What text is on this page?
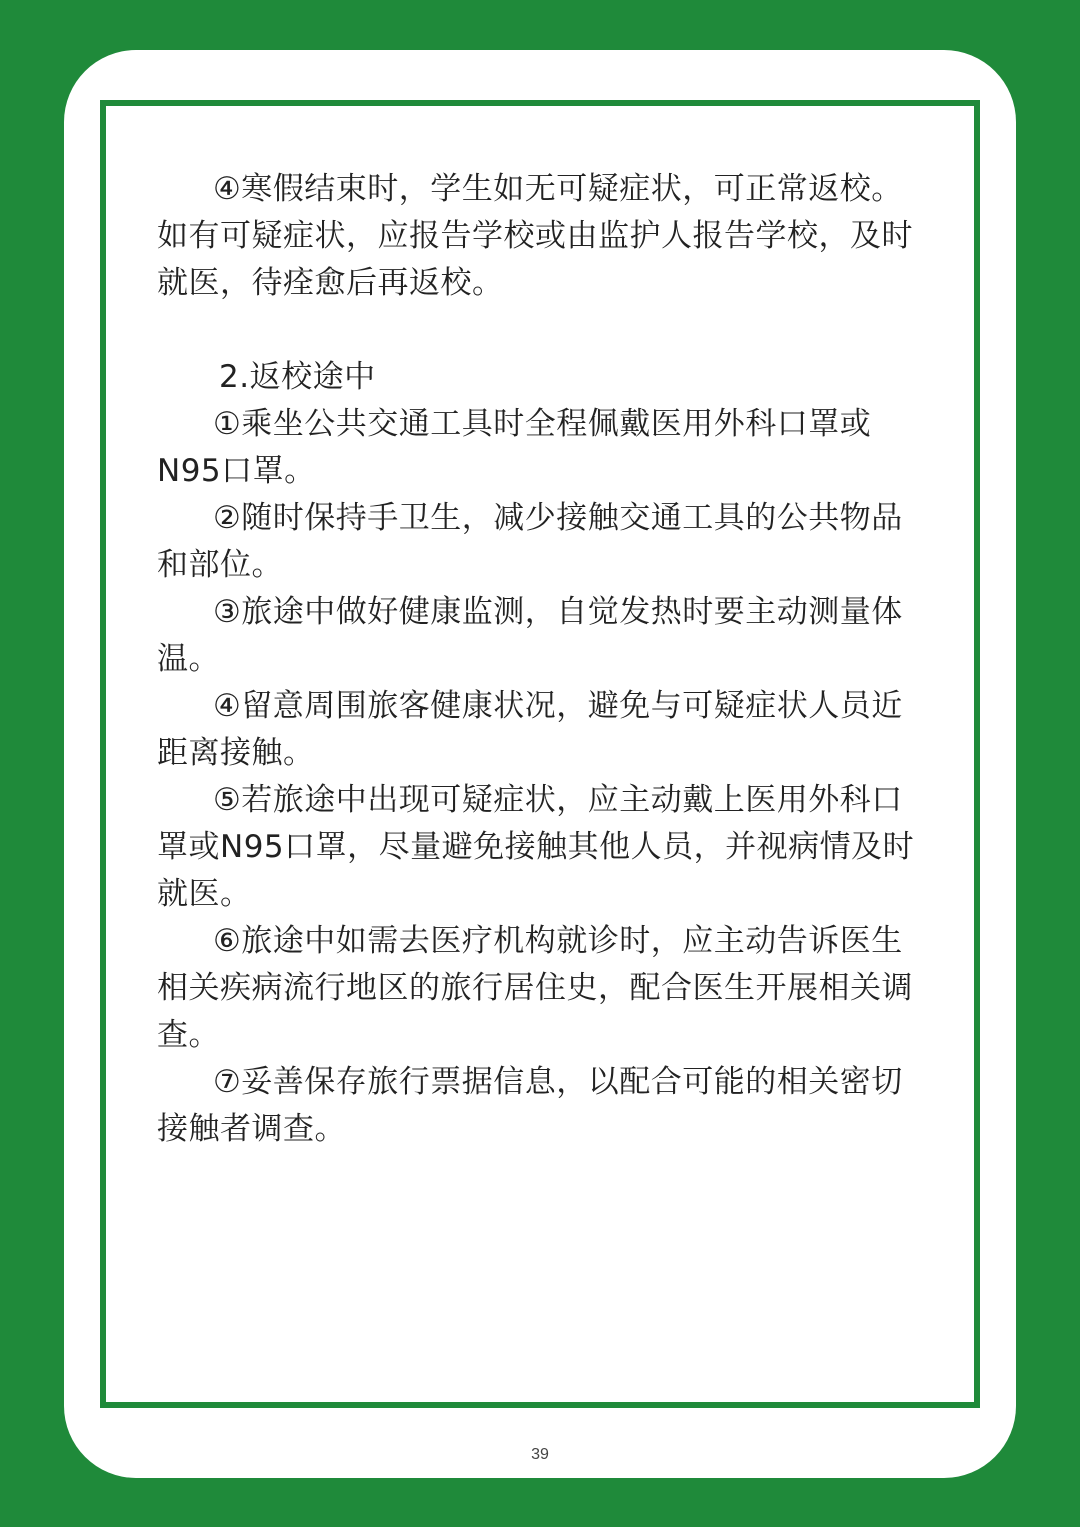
④寒假结束时，学生如无可疑症状，可正常返校。如有可疑症状，应报告学校或由监护人报告学校，及时就医，待痊愈后再返校。

2.返校途中

①乘坐公共交通工具时全程佩戴医用外科口罩或N95口罩。

②随时保持手卫生，减少接触交通工具的公共物品和部位。

③旅途中做好健康监测，自觉发热时要主动测量体温。

④留意周围旅客健康状况，避免与可疑症状人员近距离接触。

⑤若旅途中出现可疑症状，应主动戴上医用外科口罩或N95口罩，尽量避免接触其他人员，并视病情及时就医。

⑥旅途中如需去医疗机构就诊时，应主动告诉医生相关疾病流行地区的旅行居住史，配合医生开展相关调查。

⑦妥善保存旅行票据信息，以配合可能的相关密切接触者调查。

39
